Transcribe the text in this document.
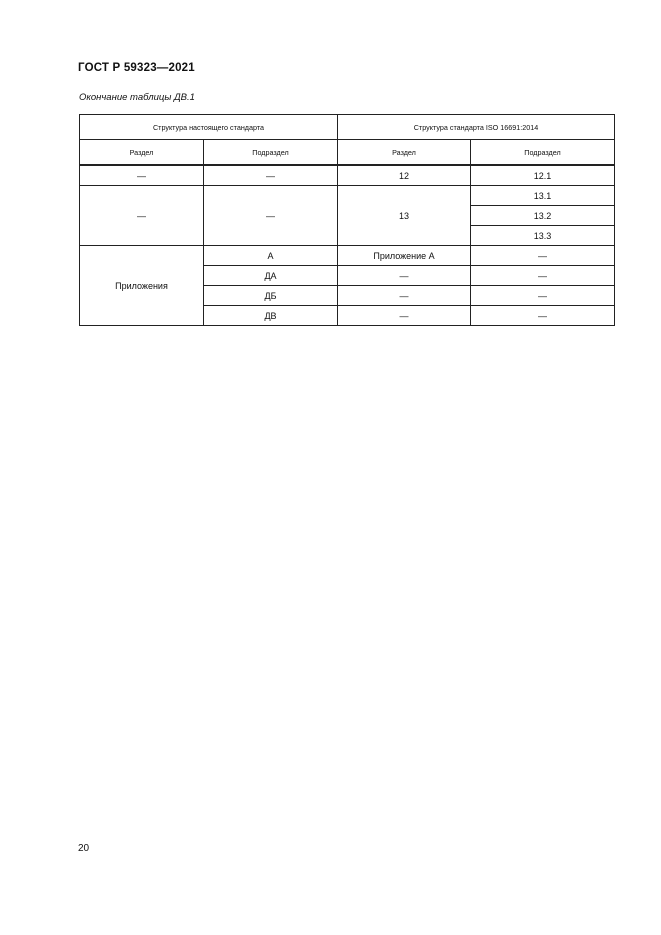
ГОСТ Р 59323—2021
Окончание таблицы ДВ.1
Структура настоящего стандарта		Структура стандарта ISO 16691:2014	
Раздел	Подраздел	Раздел	Подраздел
—	—	12	12.1
—	—	13	13.1
			13.2
			13.3
Приложения	А	Приложение А	—
	ДА	—	—
	ДБ	—	—
	ДВ	—	—
20
